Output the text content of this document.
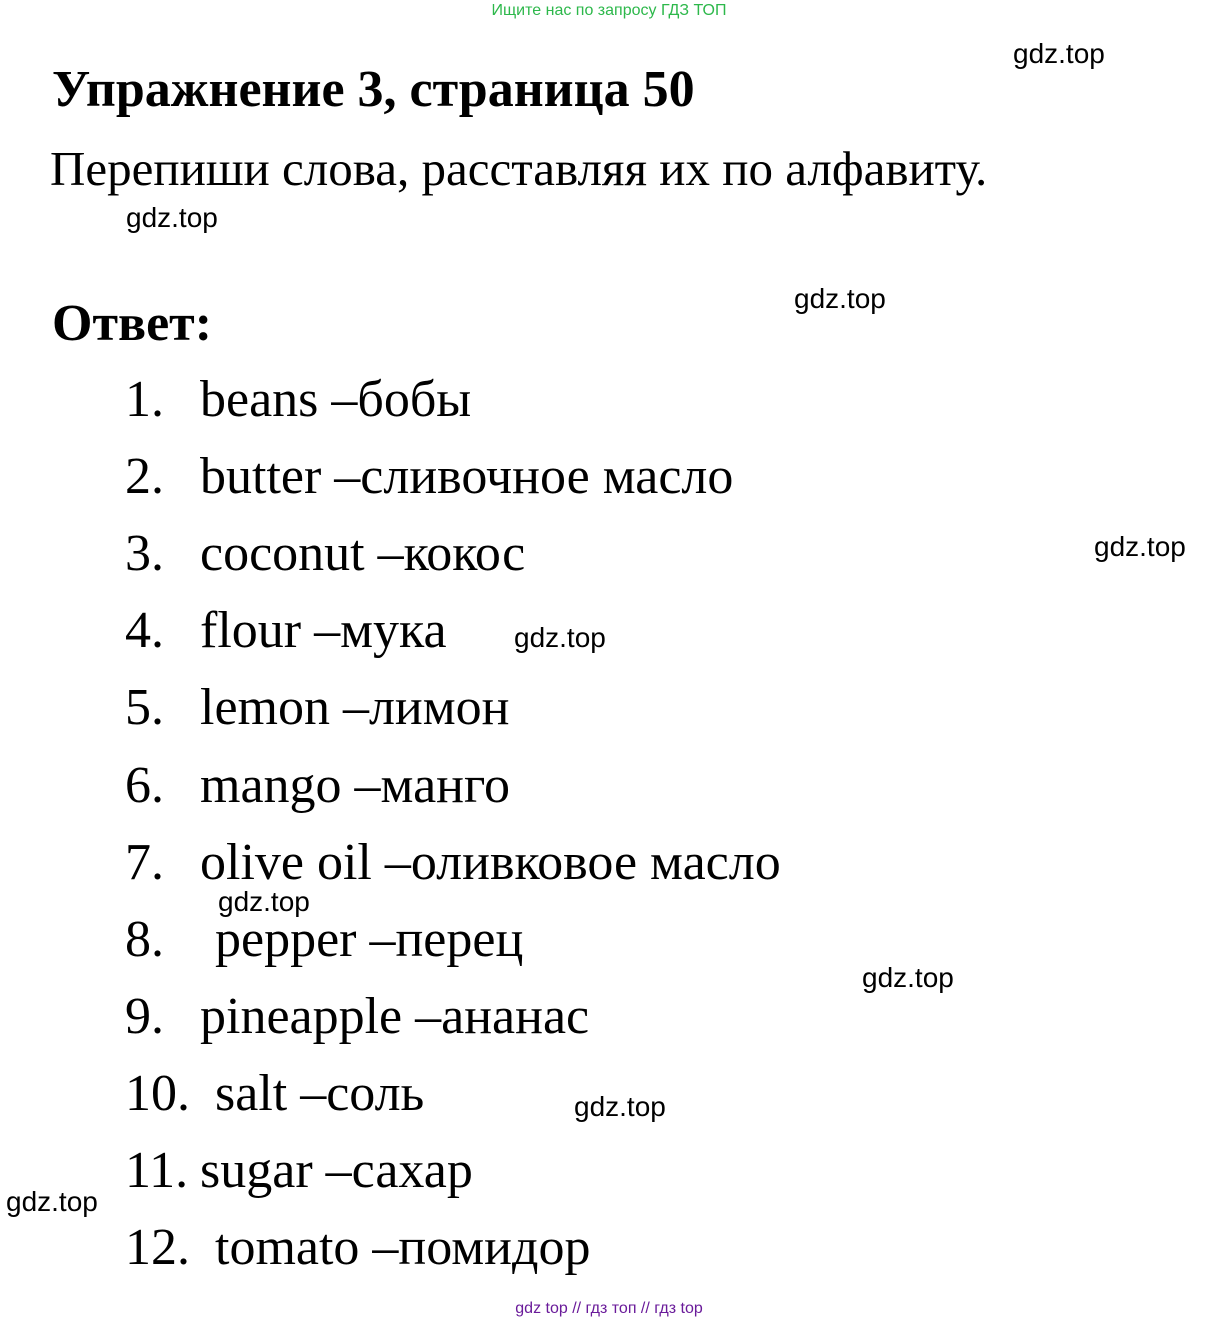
Ищите нас по запросу ГДЗ ТОП
Упражнение 3, страница 50
Перепиши слова, расставляя их по алфавиту.
Ответ:
1. beans –бобы
2. butter –сливочное масло
3. coconut –кокос
4. flour –мука
5. lemon –лимон
6. mango –манго
7. olive oil –оливковое масло
8. pepper –перец
9. pineapple –ананас
10. salt –соль
11. sugar –сахар
12. tomato –помидор
gdz.top
gdz.top
gdz.top
gdz.top
gdz.top
gdz.top
gdz.top
gdz.top
gdz.top
gdz top // гдз топ // гдз top
